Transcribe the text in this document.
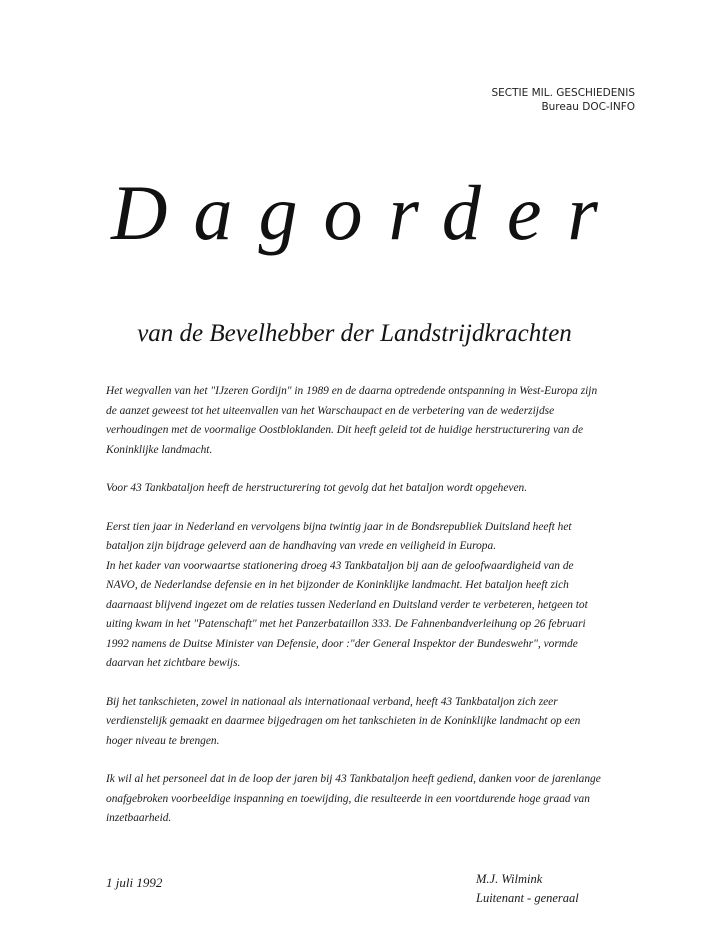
SECTIE MIL. GESCHIEDENIS
Bureau DOC-INFO
Dagorder
van de Bevelhebber der Landstrijdkrachten

Het wegvallen van het "IJzeren Gordijn" in 1989 en de daarna optredende ontspanning in West-Europa zijn de aanzet geweest tot het uiteenvallen van het Warschaupact en de verbetering van de wederzijdse verhoudingen met de voormalige Oostbloklanden. Dit heeft geleid tot de huidige herstructurering van de Koninklijke landmacht.

Voor 43 Tankbataljon heeft de herstructurering tot gevolg dat het bataljon wordt opgeheven.

Eerst tien jaar in Nederland en vervolgens bijna twintig jaar in de Bondsrepubliek Duitsland heeft het bataljon zijn bijdrage geleverd aan de handhaving van vrede en veiligheid in Europa.

In het kader van voorwaartse stationering droeg 43 Tankbataljon bij aan de geloofwaardigheid van de NAVO, de Nederlandse defensie en in het bijzonder de Koninklijke landmacht. Het bataljon heeft zich daarnaast blijvend ingezet om de relaties tussen Nederland en Duitsland verder te verbeteren, hetgeen tot uiting kwam in het "Patenschaft" met het Panzerbataillon 333. De Fahnenbandverleihung op 26 februari 1992 namens de Duitse Minister van Defensie, door :"der General Inspektor der Bundeswehr", vormde daarvan het zichtbare bewijs.

Bij het tankschieten, zowel in nationaal als internationaal verband, heeft 43 Tankbataljon zich zeer verdienstelijk gemaakt en daarmee bijgedragen om het tankschieten in de Koninklijke landmacht op een hoger niveau te brengen.

Ik wil al het personeel dat in de loop der jaren bij 43 Tankbataljon heeft gediend, danken voor de jarenlange onafgebroken voorbeeldige inspanning en toewijding, die resulteerde in een voortdurende hoge graad van inzetbaarheid.

1 juli 1992	M.J. Wilmink
Luitenant - generaal
